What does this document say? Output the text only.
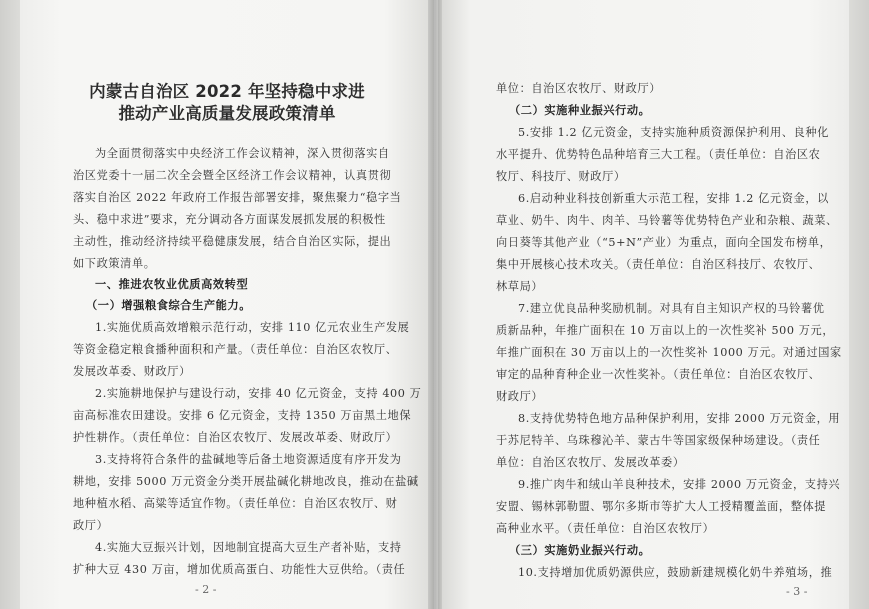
内蒙古自治区 2022 年坚持稳中求进
推动产业高质量发展政策清单
为全面贯彻落实中央经济工作会议精神，深入贯彻落实自
治区党委十一届二次全会暨全区经济工作会议精神，认真贯彻
落实自治区 2022 年政府工作报告部署安排，聚焦聚力“稳字当
头、稳中求进”要求，充分调动各方面谋发展抓发展的积极性
主动性，推动经济持续平稳健康发展，结合自治区实际，提出
如下政策清单。
一、推进农牧业优质高效转型
（一）增强粮食综合生产能力。
1.实施优质高效增粮示范行动，安排 110 亿元农业生产发展
等资金稳定粮食播种面积和产量。（责任单位：自治区农牧厅、
发展改革委、财政厅）
2.实施耕地保护与建设行动，安排 40 亿元资金，支持 400 万
亩高标准农田建设。安排 6 亿元资金，支持 1350 万亩黑土地保
护性耕作。（责任单位：自治区农牧厅、发展改革委、财政厅）
3.支持将符合条件的盐碱地等后备土地资源适度有序开发为
耕地，安排 5000 万元资金分类开展盐碱化耕地改良，推动在盐碱
地种植水稻、高粱等适宜作物。（责任单位：自治区农牧厅、财
政厅）
4.实施大豆振兴计划，因地制宜提高大豆生产者补贴，支持
扩种大豆 430 万亩，增加优质高蛋白、功能性大豆供给。（责任
- 2 -
单位：自治区农牧厅、财政厅）
（二）实施种业振兴行动。
5.安排 1.2 亿元资金，支持实施种质资源保护利用、良种化
水平提升、优势特色品种培育三大工程。（责任单位：自治区农
牧厅、科技厅、财政厅）
6.启动种业科技创新重大示范工程，安排 1.2 亿元资金，以
草业、奶牛、肉牛、肉羊、马铃薯等优势特色产业和杂粮、蔬菜、
向日葵等其他产业（“5+N”产业）为重点，面向全国发布榜单，
集中开展核心技术攻关。（责任单位：自治区科技厅、农牧厅、
林草局）
7.建立优良品种奖励机制。对具有自主知识产权的马铃薯优
质新品种，年推广面积在 10 万亩以上的一次性奖补 500 万元，
年推广面积在 30 万亩以上的一次性奖补 1000 万元。对通过国家
审定的品种育种企业一次性奖补。（责任单位：自治区农牧厅、
财政厅）
8.支持优势特色地方品种保护利用，安排 2000 万元资金，用
于苏尼特羊、乌珠穆沁羊、蒙古牛等国家级保种场建设。（责任
单位：自治区农牧厅、发展改革委）
9.推广肉牛和绒山羊良种技术，安排 2000 万元资金，支持兴
安盟、锡林郭勒盟、鄂尔多斯市等扩大人工授精覆盖面，整体提
高种业水平。（责任单位：自治区农牧厅）
（三）实施奶业振兴行动。
10.支持增加优质奶源供应，鼓励新建规模化奶牛养殖场，推
- 3 -
